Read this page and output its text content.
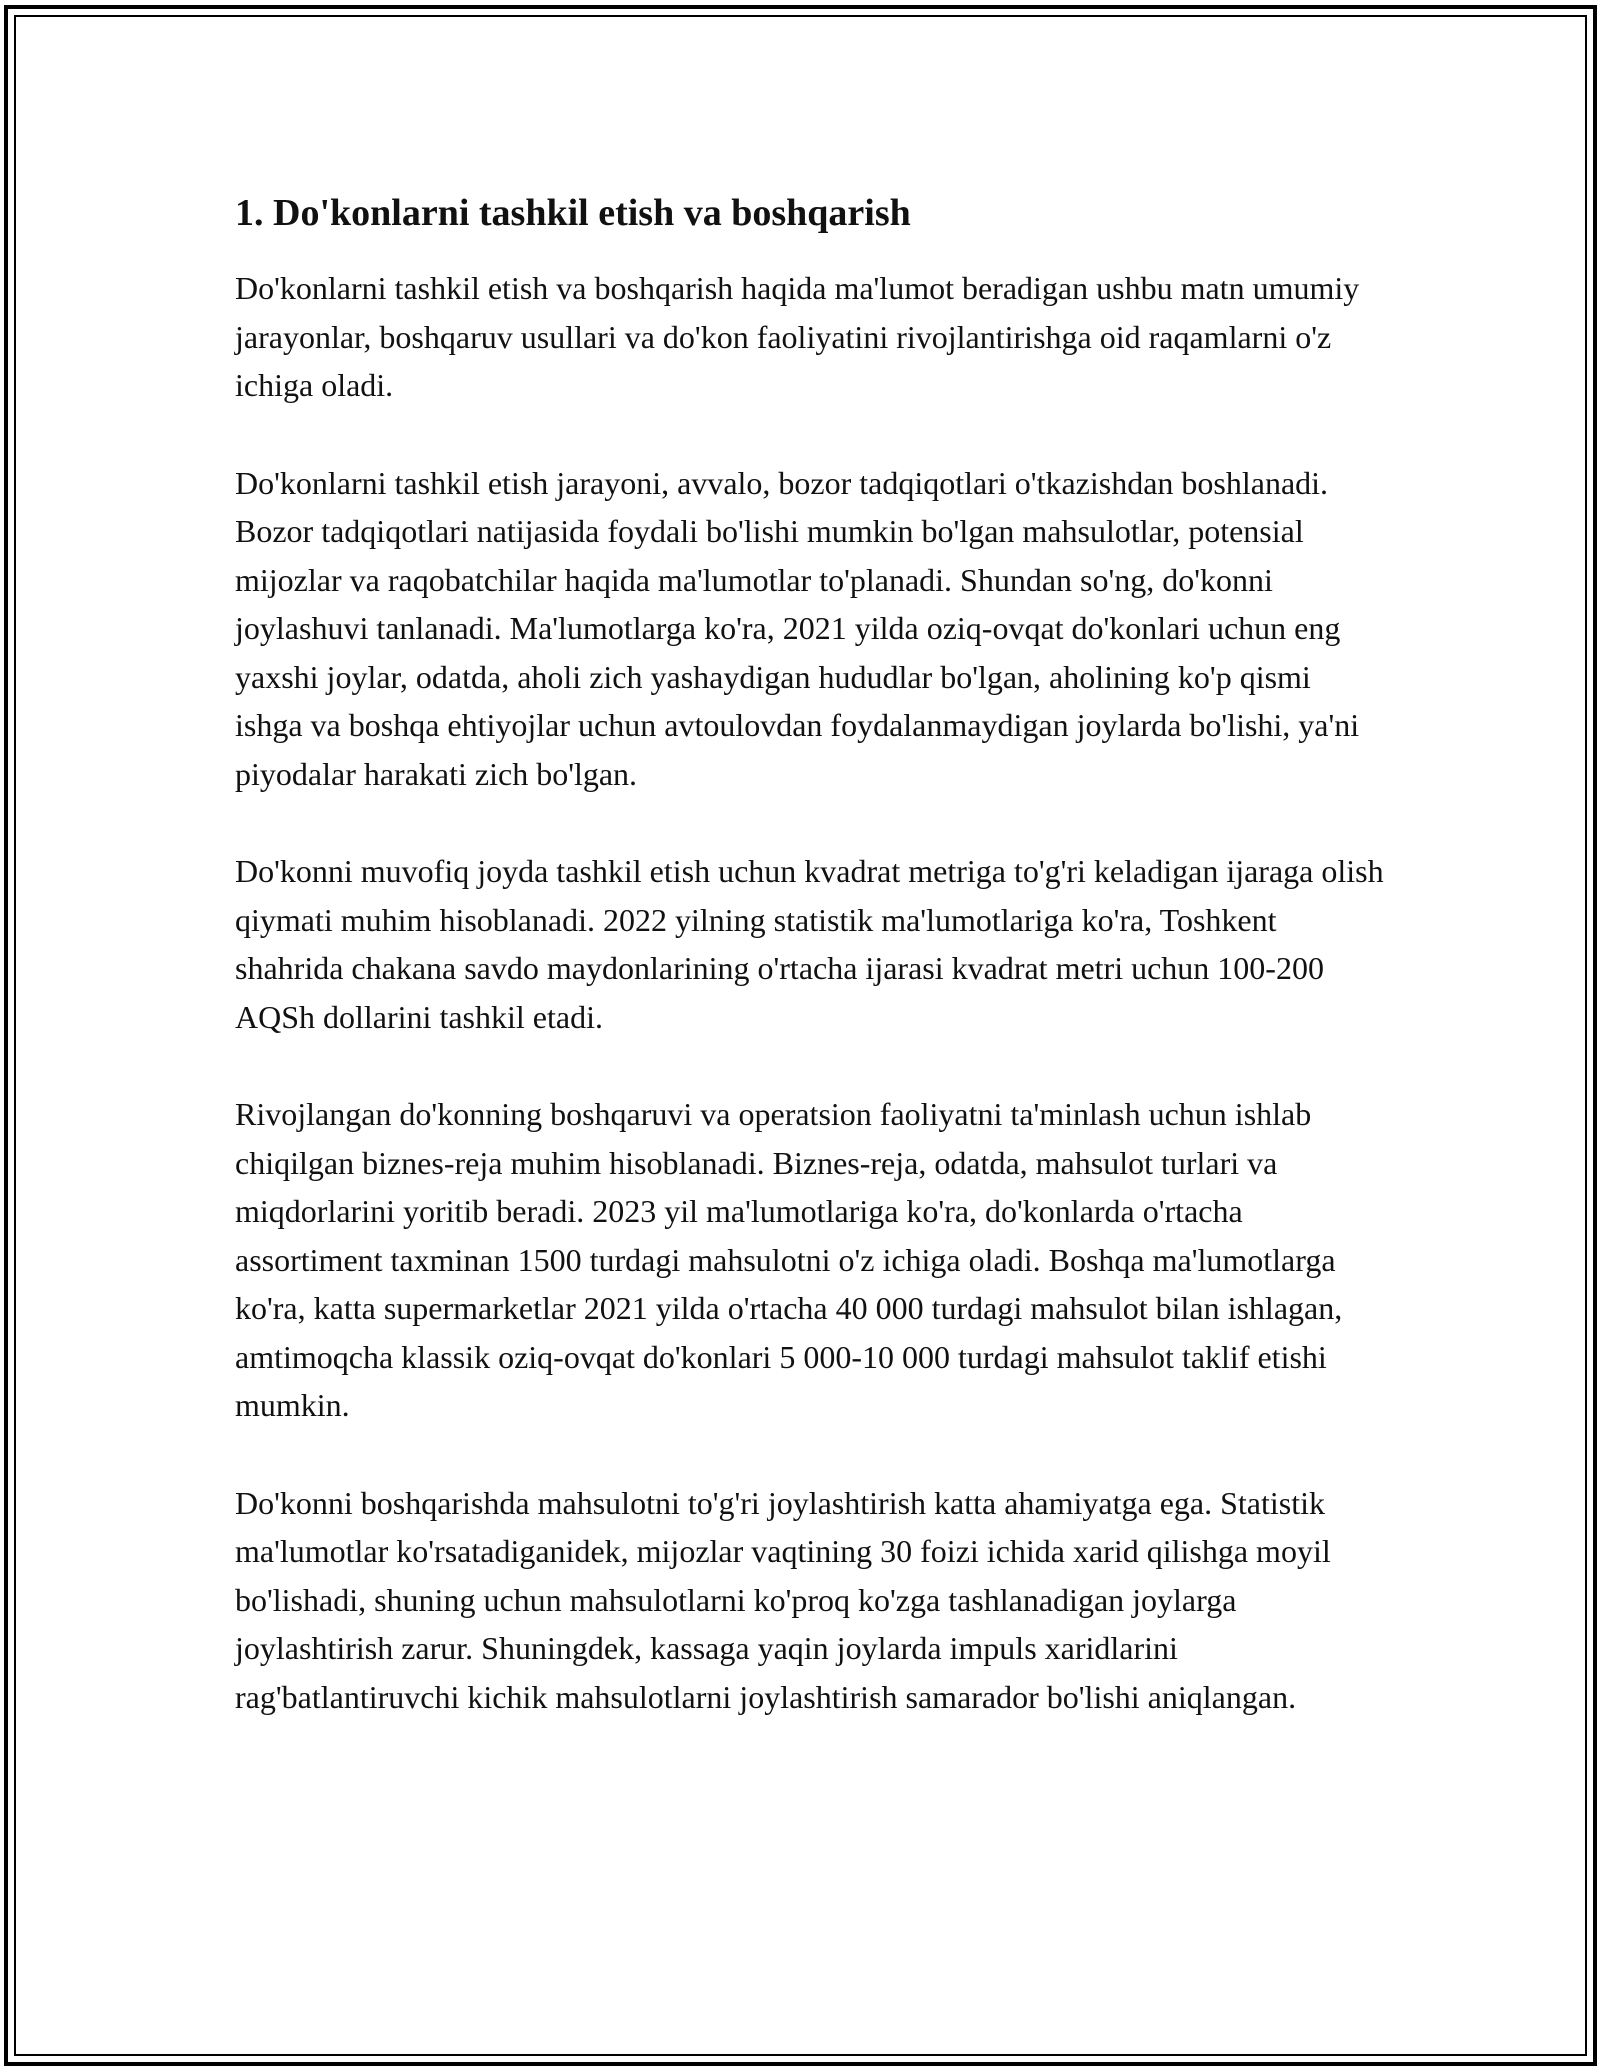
1. Do'konlarni tashkil etish va boshqarish

Do'konlarni tashkil etish va boshqarish haqida ma'lumot beradigan ushbu matn umumiy jarayonlar, boshqaruv usullari va do'kon faoliyatini rivojlantirishga oid raqamlarni o'z ichiga oladi.

Do'konlarni tashkil etish jarayoni, avvalo, bozor tadqiqotlari o'tkazishdan boshlanadi. Bozor tadqiqotlari natijasida foydali bo'lishi mumkin bo'lgan mahsulotlar, potensial mijozlar va raqobatchilar haqida ma'lumotlar to'planadi. Shundan so'ng, do'konni joylashuvi tanlanadi. Ma'lumotlarga ko'ra, 2021 yilda oziq-ovqat do'konlari uchun eng yaxshi joylar, odatda, aholi zich yashaydigan hududlar bo'lgan, aholining ko'p qismi ishga va boshqa ehtiyojlar uchun avtoulovdan foydalanmaydigan joylarda bo'lishi, ya'ni piyodalar harakati zich bo'lgan.

Do'konni muvofiq joyda tashkil etish uchun kvadrat metriga to'g'ri keladigan ijaraga olish qiymati muhim hisoblanadi. 2022 yilning statistik ma'lumotlariga ko'ra, Toshkent shahrida chakana savdo maydonlarining o'rtacha ijarasi kvadrat metri uchun 100-200 AQSh dollarini tashkil etadi.

Rivojlangan do'konning boshqaruvi va operatsion faoliyatni ta'minlash uchun ishlab chiqilgan biznes-reja muhim hisoblanadi. Biznes-reja, odatda, mahsulot turlari va miqdorlarini yoritib beradi. 2023 yil ma'lumotlariga ko'ra, do'konlarda o'rtacha assortiment taxminan 1500 turdagi mahsulotni o'z ichiga oladi. Boshqa ma'lumotlarga ko'ra, katta supermarketlar 2021 yilda o'rtacha 40 000 turdagi mahsulot bilan ishlagan, amtimoqcha klassik oziq-ovqat do'konlari 5 000-10 000 turdagi mahsulot taklif etishi mumkin.

Do'konni boshqarishda mahsulotni to'g'ri joylashtirish katta ahamiyatga ega. Statistik ma'lumotlar ko'rsatadiganidek, mijozlar vaqtining 30 foizi ichida xarid qilishga moyil bo'lishadi, shuning uchun mahsulotlarni ko'proq ko'zga tashlanadigan joylarga joylashtirish zarur. Shuningdek, kassaga yaqin joylarda impuls xaridlarini rag'batlantiruvchi kichik mahsulotlarni joylashtirish samarador bo'lishi aniqlangan.
